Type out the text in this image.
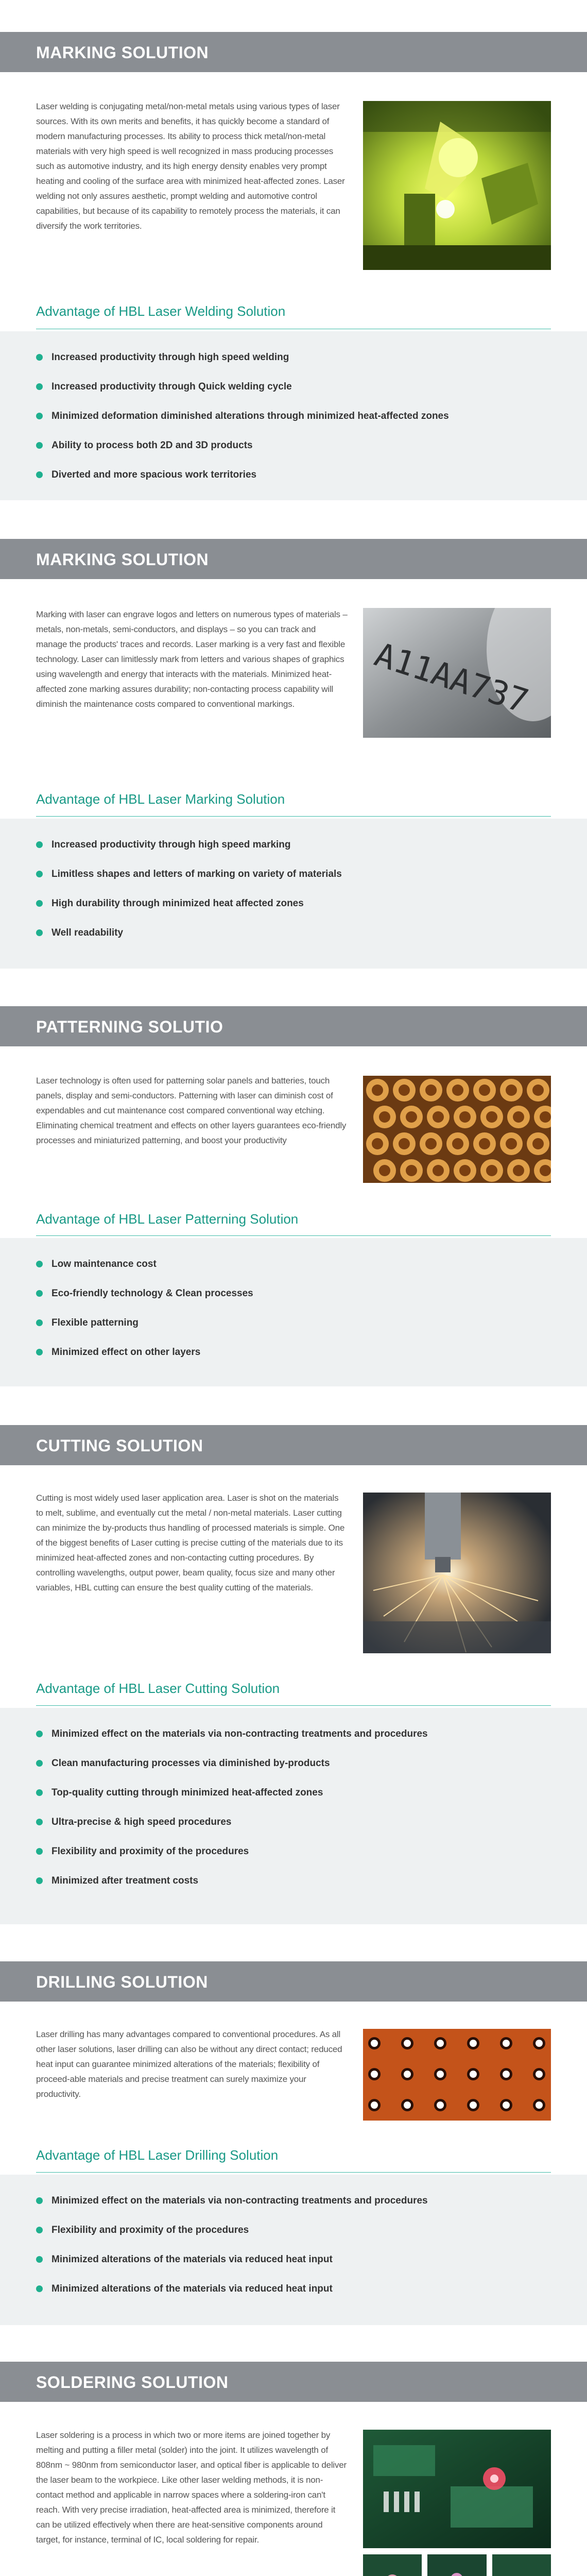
MARKING SOLUTION

Laser welding is conjugating metal/non-metal metals using various types of laser sources. With its own merits and benefits, it has quickly become a standard of modern manufacturing processes. Its ability to process thick metal/non-metal materials with very high speed is well recognized in mass producing processes such as automotive industry, and its high energy density enables very prompt heating and cooling of the surface area with minimized heat-affected zones. Laser welding not only assures aesthetic, prompt welding and automotive control capabilities, but because of its capability to remotely process the materials, it can diversify the work territories.

Advantage of HBL Laser Welding Solution
Increased productivity through high speed welding
Increased productivity through Quick welding cycle
Minimized deformation diminished alterations through minimized heat-affected zones
Ability to process both 2D and 3D products
Diverted and more spacious work territories
MARKING SOLUTION

Marking with laser can engrave logos and letters on numerous types of materials – metals, non-metals, semi-conductors, and displays – so you can track and manage the products' traces and records. Laser marking is a very fast and flexible technology. Laser can limitlessly mark from letters and various shapes of graphics using wavelength and energy that interacts with the materials. Minimized heat-affected zone marking assures durability; non-contacting process capability will diminish the maintenance costs compared to conventional markings.	A11AA737
Advantage of HBL Laser Marking Solution
Increased productivity through high speed marking
Limitless shapes and letters of marking on variety of materials
High durability through minimized heat affected zones
Well readability
PATTERNING SOLUTIO

Laser technology is often used for patterning solar panels and batteries, touch panels, display and semi-conductors. Patterning with laser can diminish cost of expendables and cut maintenance cost compared conventional way etching. Eliminating chemical treatment and effects on other layers guarantees eco-friendly processes and miniaturized patterning, and boost your productivity

Advantage of HBL Laser Patterning Solution
Low maintenance cost
Eco-friendly technology & Clean processes
Flexible patterning
Minimized effect on other layers
CUTTING SOLUTION

Cutting is most widely used laser application area. Laser is shot on the materials to melt, sublime, and eventually cut the metal / non-metal materials. Laser cutting can minimize the by-products thus handling of processed materials is simple. One of the biggest benefits of Laser cutting is precise cutting of the materials due to its minimized heat-affected zones and non-contacting cutting procedures. By controlling wavelengths, output power, beam quality, focus size and many other variables, HBL cutting can ensure the best quality cutting of the materials.

Advantage of HBL Laser Cutting Solution
Minimized effect on the materials via non-contracting treatments and procedures
Clean manufacturing processes via diminished by-products
Top-quality cutting through minimized heat-affected zones
Ultra-precise & high speed procedures
Flexibility and proximity of the procedures
Minimized after treatment costs
DRILLING SOLUTION

Laser drilling has many advantages compared to conventional procedures. As all other laser solutions, laser drilling can also be without any direct contact; reduced heat input can guarantee minimized alterations of the materials; flexibility of proceed-able materials and precise treatment can surely maximize your productivity.

Advantage of HBL Laser Drilling Solution
Minimized effect on the materials via non-contracting treatments and procedures
Flexibility and proximity of the procedures
Minimized alterations of the materials via reduced heat input
Minimized alterations of the materials via reduced heat input
SOLDERING SOLUTION

Laser soldering is a process in which two or more items are joined together by melting and putting a filler metal (solder) into the joint. It utilizes wavelength of 808nm ~ 980nm from semiconductor laser, and optical fiber is applicable to deliver the laser beam to the workpiece. Like other laser welding methods, it is non-contact method and applicable in narrow spaces where a soldering-iron can't reach. With very precise irradiation, heat-affected area is minimized, therefore it can be utilized effectively when there are heat-sensitive components around target, for instance, terminal of IC, local soldering for repair.
